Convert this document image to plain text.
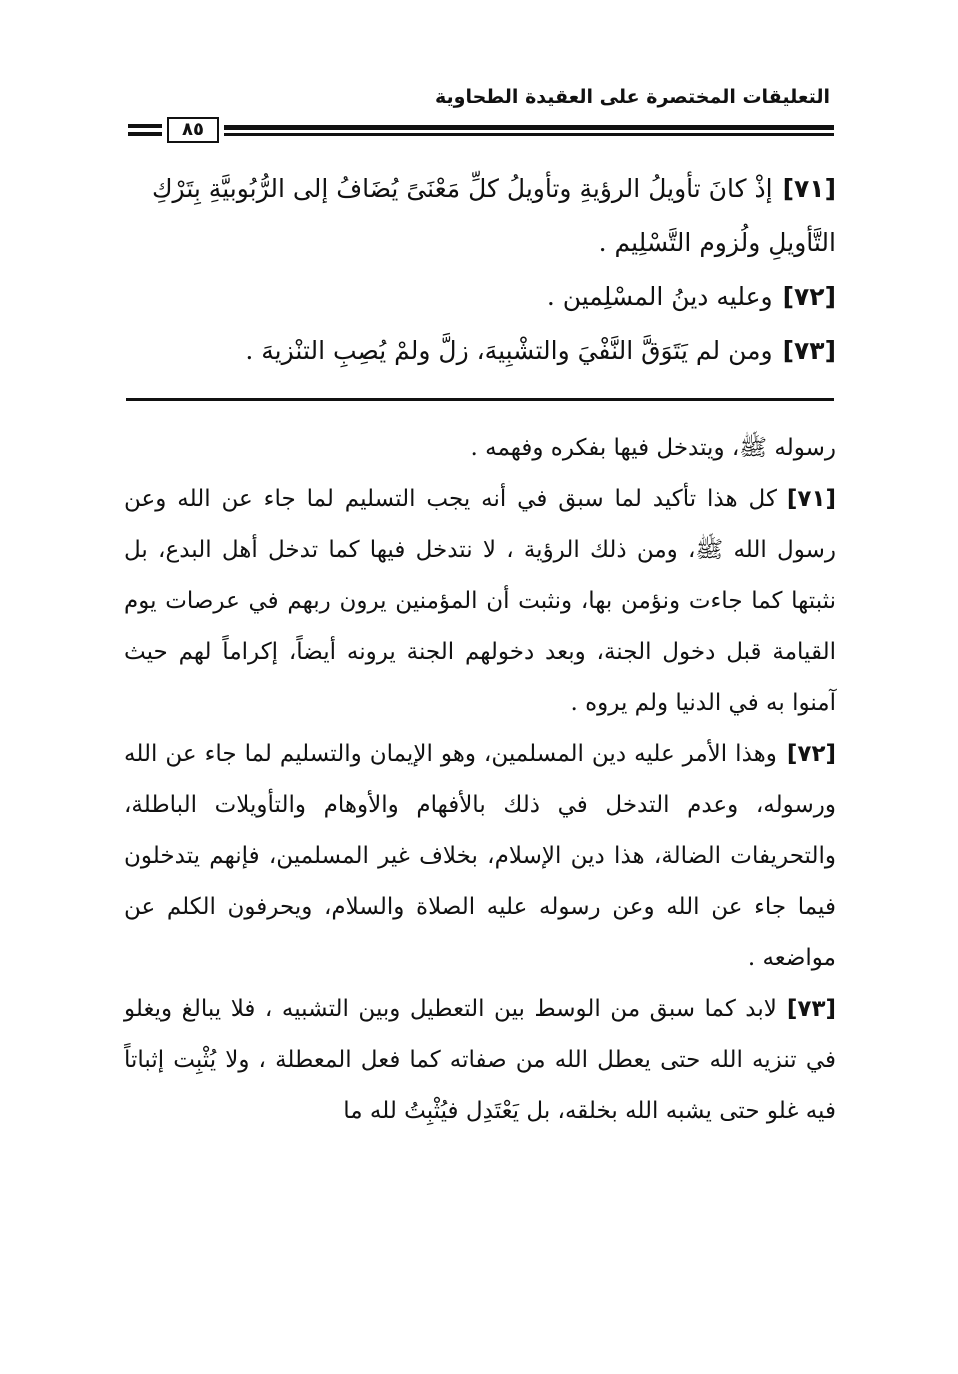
التعليقات المختصرة على العقيدة الطحاوية
٨٥

[٧١]إذْ كانَ تأويلُ الرؤيةِ وتأويلُ كلِّ مَعْنَىً يُضَافُ إلى الرُّبُوبيَّةِ بِتَرْكِ التَّأويلِ ولُزوم التَّسْلِيم .

[٧٢]وعليه دينُ المسْلِمين .

[٧٣]ومن لم يَتَوَقَّ النَّفْيَ والتشْبِيهَ، زلَّ ولمْ يُصِبِ التنْزيهَ .

رسوله ﷺ، ويتدخل فيها بفكره وفهمه .

[٧١]كل هذا تأكيد لما سبق في أنه يجب التسليم لما جاء عن الله وعن رسول الله ﷺ، ومن ذلك الرؤية ، لا نتدخل فيها كما تدخل أهل البدع، بل نثبتها كما جاءت ونؤمن بها، ونثبت أن المؤمنين يرون ربهم في عرصات يوم القيامة قبل دخول الجنة، وبعد دخولهم الجنة يرونه أيضاً، إكراماً لهم حيث آمنوا به في الدنيا ولم يروه .

[٧٢]وهذا الأمر عليه دين المسلمين، وهو الإيمان والتسليم لما جاء عن الله ورسوله، وعدم التدخل في ذلك بالأفهام والأوهام والتأويلات الباطلة، والتحريفات الضالة، هذا دين الإسلام، بخلاف غير المسلمين، فإنهم يتدخلون فيما جاء عن الله وعن رسوله عليه الصلاة والسلام، ويحرفون الكلم عن مواضعه .

[٧٣]لابد كما سبق من الوسط بين التعطيل وبين التشبيه ، فلا يبالغ ويغلو في تنزيه الله حتى يعطل الله من صفاته كما فعل المعطلة ، ولا يُثْبِت إثباتاً فيه غلو حتى يشبه الله بخلقه، بل يَعْتَدِل فيُثْبِتُ لله ما
